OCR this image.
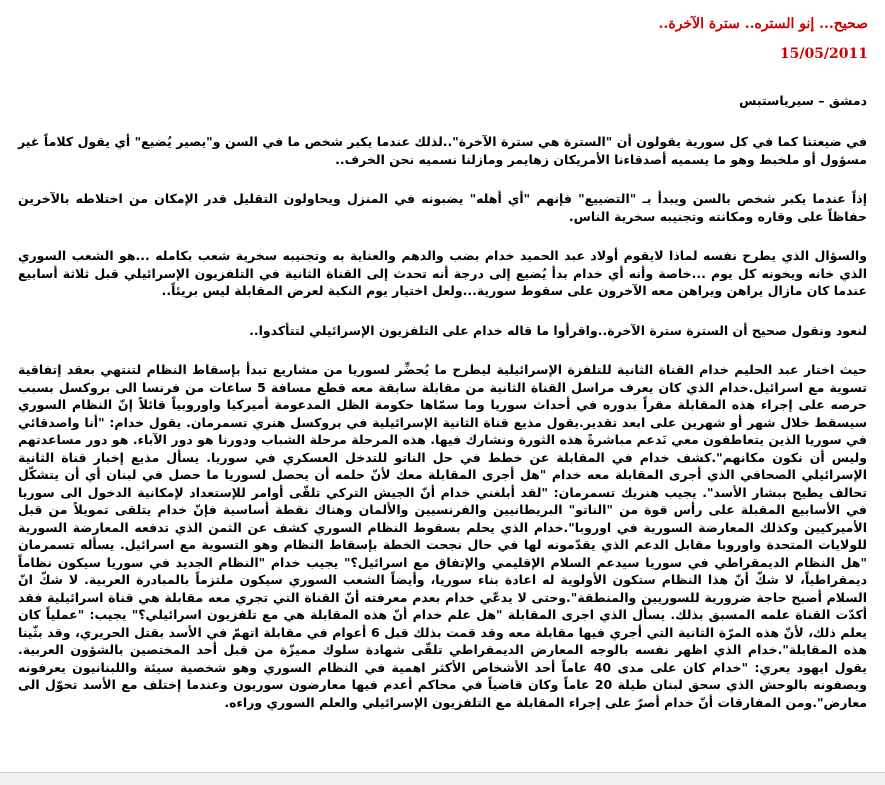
صحيح... إنو الستره.. سترة الآخرة..
15/05/2011
دمشق – سيرياستبس

في ضيعتنا كما في كل سورية يقولون أن "السترة هي سترة الآخرة"..لذلك عندما يكبر شخص ما في السن و"يصير يُضيع" أي يقول كلاماً غير مسؤول أو ملخبط وهو ما يسميه أصدقاءنا الأمريكان زهايمر ومازلنا نسميه نحن الخرف..

إذاً عندما يكبر شخص بالسن ويبدأ بـ "التضييع" فإنهم "أي أهله" يضبونه في المنزل ويحاولون التقليل قدر الإمكان من اختلاطه بالآخرين حفاظاً على وقاره ومكانته وتجنيبه سخرية الناس.

والسؤال الذي يطرح نفسه لماذا لايقوم أولاد عبد الحميد خدام بضب والدهم والعناية به وتجنيبه سخرية شعب بكامله ...هو الشعب السوري الذي خانه ويخونه كل يوم ...خاصة وأنه أي خدام بدأ يُضيع إلى درجة أنه تحدث إلى القناة الثانية في التلفزيون الإسرائيلي قبل ثلاثة أسابيع عندما كان مازال يراهن ويراهن معه الآخرون على سقوط سورية...ولعل اختيار يوم النكبة لعرض المقابلة ليس بريئاً..

لنعود ونقول صحيح أن السترة سترة الآخرة..واقرأوا ما قاله خدام على التلفزيون الإسرائيلي لتتأكدوا..

حيث اختار عبد الحليم خدام القناة الثانية للتلفزة الإسرائيلية ليطرح ما يُحضِّر لسوريا من مشاريع تبدأ بإسقاط النظام لتنتهي بعقد إتفاقية تسوية مع اسرائيل.خدام الذي كان يعرف مراسل القناة الثانية من مقابلة سابقة معه قطع مسافة 5 ساعات من فرنسا الى بروكسل بسبب حرصه على إجراء هذه المقابلة مقراً بدوره في أحداث سوريا وما سمّاها حكومة الظل المدعومة أميركيا واوروبياً قائلاً إنّ النظام السوري سيسقط خلال شهر أو شهرين على ابعد تقدير.يقول مذيع قناة الثانية الإسرائيلية في بروكسل هنري تسمرمان. يقول خدام: "أنا واصدقائي في سوريا الذين يتعاطفون معي نَدعم مباشرةً هذه الثورة ونشارك فيها. هذه المرحلة مرحلة الشباب ودورنا هو دور الآباء. هو دور مساعدتهم وليس أن نكون مكانهم".كشف خدام في المقابلة عن خطط في حل الناتو للتدخل العسكري في سوريا. يسأل مذيع إخبار قناة الثانية الإسرائيلي الصحافي الذي أجرى المقابلة معه خدام "هل أجرى المقابلة معك لأنّ حلمه أن يحصل لسوريا ما حصل في لبنان أي أن يتشكّل تحالف يطيح ببشار الأسد". يجيب هنريك تسمرمان: "لقد أبلغني خدام أنّ الجيش التركي تلقّى أوامر للإستعداد لإمكانية الدخول الى سوريا في الأسابيع المقبلة على رأس قوة من "الناتو" البريطانيين والفرنسيين والألمان وهناك نقطة أساسية فإنّ خدام يتلقى تمويلاً من قبل الأميركيين وكذلك المعارضة السورية في اوروبا".خدام الذي يحلم بسقوط النظام السوري كشف عن الثمن الذي تدفعه المعارضة السورية للولايات المتحدة واوروبا مقابل الدعم الذي يقدّمونه لها في حال نجحت الخطة بإسقاط النظام وهو التسوية مع اسرائيل. يسأله تسمرمان "هل النظام الديمقراطي في سوريا سيدعم السلام الإقليمي والإتفاق مع اسرائيل؟" يجيب خدام "النظام الجديد في سوريا سيكون نظاماً ديمقراطياً، لا شكّ أنّ هذا النظام ستكون الأولوية له اعادة بناء سوريا، وأيضاً الشعب السوري سيكون ملتزماً بالمبادرة العربية. لا شكّ انّ السلام أصبح حاجة ضرورية للسوريين والمنطقة".وحتى لا يدعّي خدام بعدم معرفته أنّ القناة التي تجري معه مقابلة هي قناة اسرائيلية فقد أكدّت القناة علمه المسبق بذلك. يسأل الذي اجرى المقابلة "هل علم خدام أنّ هذه المقابلة هي مع تلفزيون اسرائيلي؟" يجيب: "عملياً كان يعلم ذلك، لأنّ هذه المرّة الثانية التي أجري فيها مقابلة معه وقد قمت بذلك قبل 6 أعوام في مقابلة اتهمّ في الأسد بقتل الحريري، وقد بثّينا هذه المقابلة".خدام الذي اظهر نفسه بالوجه المعارض الديمقراطي تلقّى شهادة سلوك مميزّة من قبل أحد المختصين بالشؤون العربية. يقول ايهود يعري: "خدام كان على مدى 40 عاماً أحد الأشخاص الأكثر اهمية في النظام السوري وهو شخصية سيئة واللبنانيون يعرفونه ويصفونه بالوحش الذي سحق لبنان طيلة 20 عاماً وكان قاضياً في محاكم أعدم فيها معارضون سوريون وعندما إختلف مع الأسد تحوّل الى معارض".ومن المفارقات أنّ خدام أصرّ على إجراء المقابلة مع التلفزيون الإسرائيلي والعلم السوري وراءه.
